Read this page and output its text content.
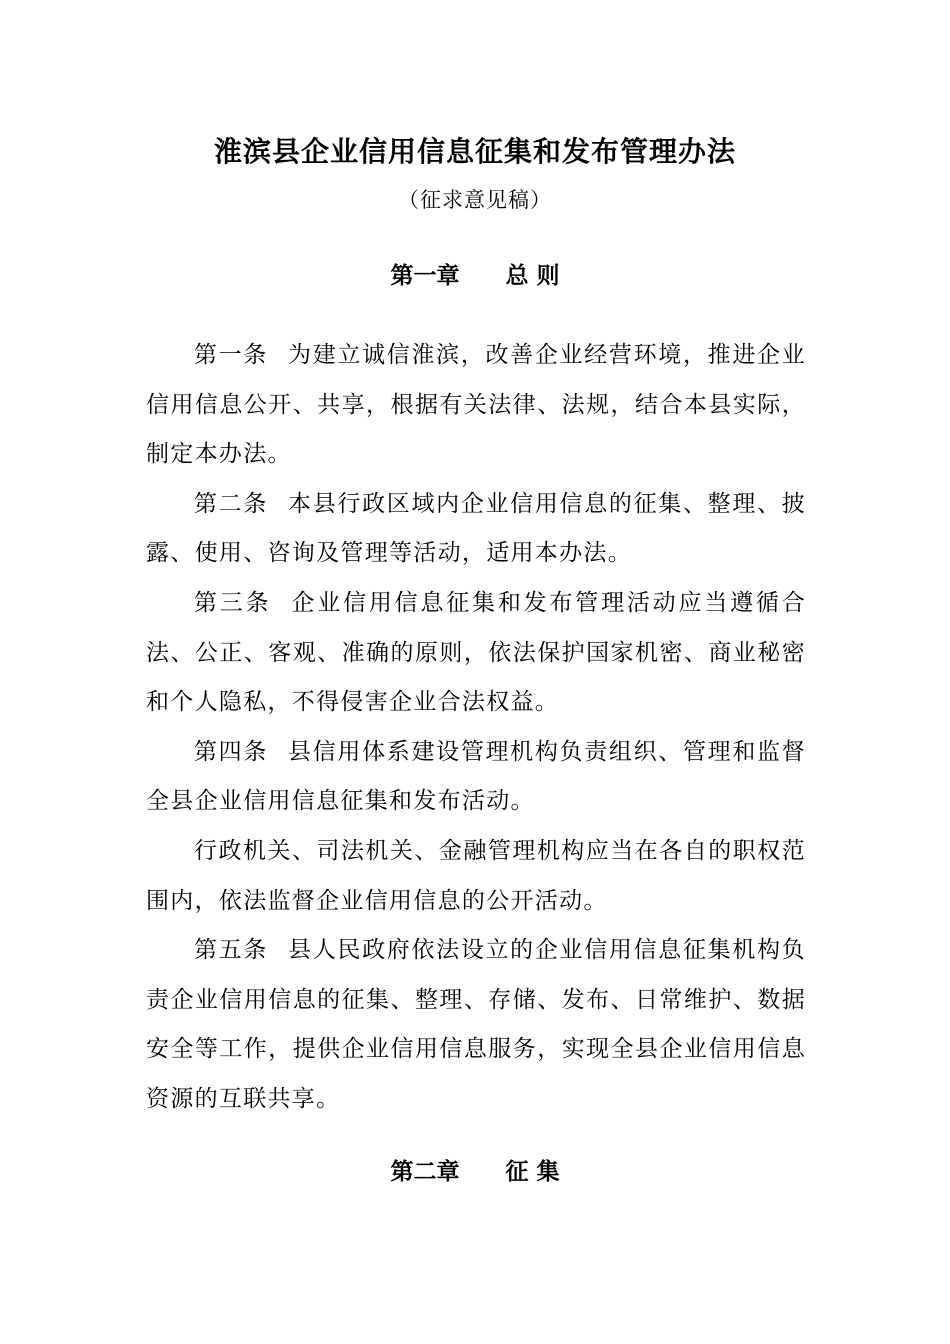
淮滨县企业信用信息征集和发布管理办法
（征求意见稿）
第一章　　总 则

第一条 为建立诚信淮滨，改善企业经营环境，推进企业信用信息公开、共享，根据有关法律、法规，结合本县实际，制定本办法。

第二条 本县行政区域内企业信用信息的征集、整理、披露、使用、咨询及管理等活动，适用本办法。

第三条 企业信用信息征集和发布管理活动应当遵循合法、公正、客观、准确的原则，依法保护国家机密、商业秘密和个人隐私，不得侵害企业合法权益。

第四条 县信用体系建设管理机构负责组织、管理和监督全县企业信用信息征集和发布活动。

行政机关、司法机关、金融管理机构应当在各自的职权范围内，依法监督企业信用信息的公开活动。

第五条 县人民政府依法设立的企业信用信息征集机构负责企业信用信息的征集、整理、存储、发布、日常维护、数据安全等工作，提供企业信用信息服务，实现全县企业信用信息资源的互联共享。

第二章　　征 集
